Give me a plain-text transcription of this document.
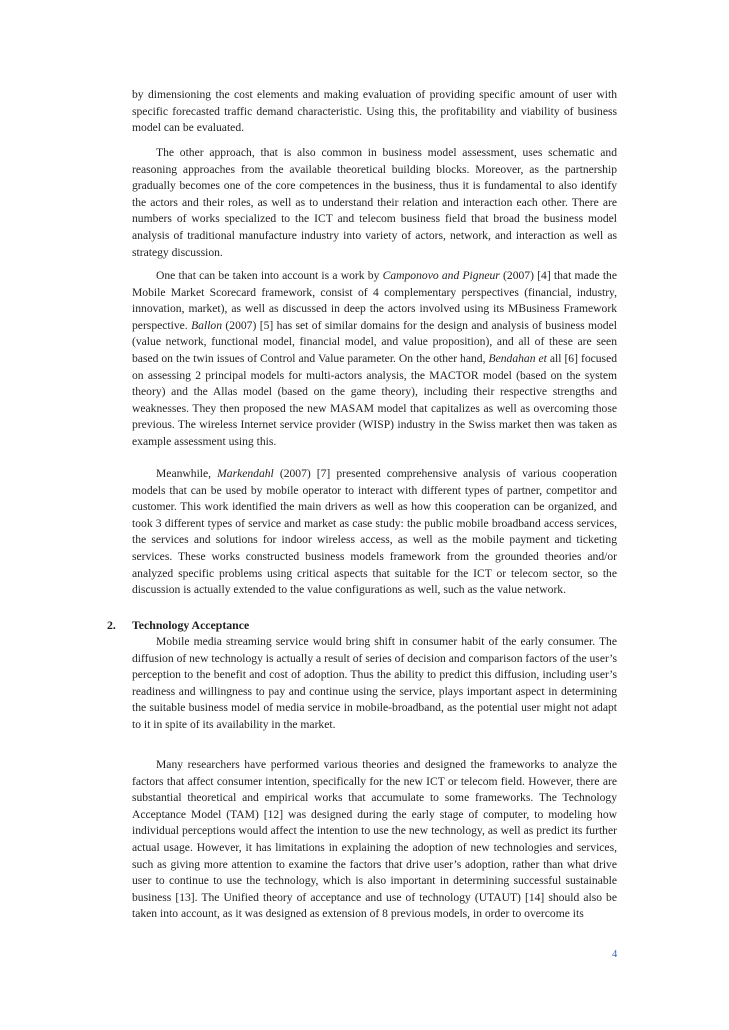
by dimensioning the cost elements and making evaluation of providing specific amount of user with specific forecasted traffic demand characteristic. Using this, the profitability and viability of business model can be evaluated.

The other approach, that is also common in business model assessment, uses schematic and reasoning approaches from the available theoretical building blocks. Moreover, as the partnership gradually becomes one of the core competences in the business, thus it is fundamental to also identify the actors and their roles, as well as to understand their relation and interaction each other. There are numbers of works specialized to the ICT and telecom business field that broad the business model analysis of traditional manufacture industry into variety of actors, network, and interaction as well as strategy discussion.

One that can be taken into account is a work by Camponovo and Pigneur (2007) [4] that made the Mobile Market Scorecard framework, consist of 4 complementary perspectives (financial, industry, innovation, market), as well as discussed in deep the actors involved using its MBusiness Framework perspective. Ballon (2007) [5] has set of similar domains for the design and analysis of business model (value network, functional model, financial model, and value proposition), and all of these are seen based on the twin issues of Control and Value parameter. On the other hand, Bendahan et all [6] focused on assessing 2 principal models for multi-actors analysis, the MACTOR model (based on the system theory) and the Allas model (based on the game theory), including their respective strengths and weaknesses. They then proposed the new MASAM model that capitalizes as well as overcoming those previous. The wireless Internet service provider (WISP) industry in the Swiss market then was taken as example assessment using this.

Meanwhile, Markendahl (2007) [7] presented comprehensive analysis of various cooperation models that can be used by mobile operator to interact with different types of partner, competitor and customer. This work identified the main drivers as well as how this cooperation can be organized, and took 3 different types of service and market as case study: the public mobile broadband access services, the services and solutions for indoor wireless access, as well as the mobile payment and ticketing services. These works constructed business models framework from the grounded theories and/or analyzed specific problems using critical aspects that suitable for the ICT or telecom sector, so the discussion is actually extended to the value configurations as well, such as the value network.

2. Technology Acceptance

Mobile media streaming service would bring shift in consumer habit of the early consumer. The diffusion of new technology is actually a result of series of decision and comparison factors of the user’s perception to the benefit and cost of adoption. Thus the ability to predict this diffusion, including user’s readiness and willingness to pay and continue using the service, plays important aspect in determining the suitable business model of media service in mobile-broadband, as the potential user might not adapt to it in spite of its availability in the market.

Many researchers have performed various theories and designed the frameworks to analyze the factors that affect consumer intention, specifically for the new ICT or telecom field. However, there are substantial theoretical and empirical works that accumulate to some frameworks. The Technology Acceptance Model (TAM) [12] was designed during the early stage of computer, to modeling how individual perceptions would affect the intention to use the new technology, as well as predict its further actual usage. However, it has limitations in explaining the adoption of new technologies and services, such as giving more attention to examine the factors that drive user’s adoption, rather than what drive user to continue to use the technology, which is also important in determining successful sustainable business [13]. The Unified theory of acceptance and use of technology (UTAUT) [14] should also be taken into account, as it was designed as extension of 8 previous models, in order to overcome its

4
